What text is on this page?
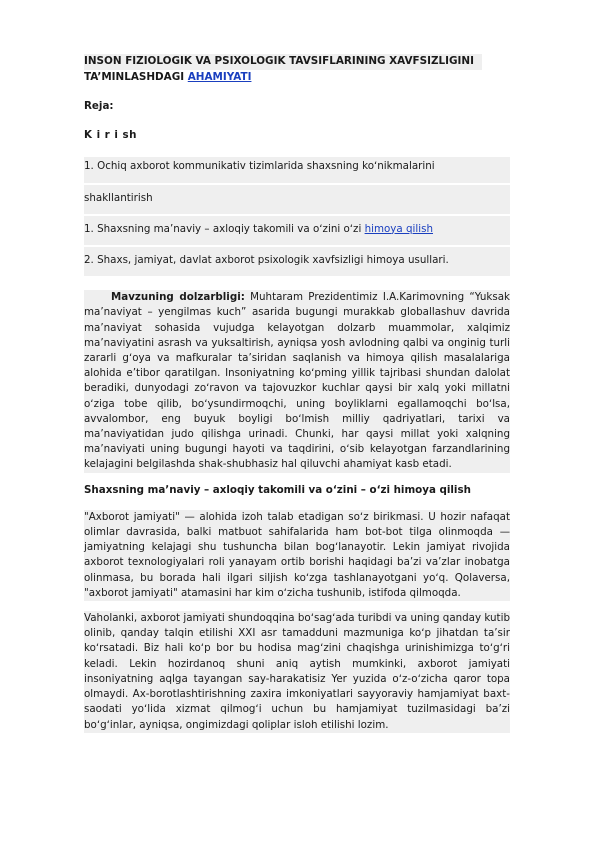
INSON FIZIOLOGIK VA PSIXOLOGIK TAVSIFLARINING XAVFSIZLIGINI
TA’MINLASHDAGI AHAMIYATI
Reja:
K i r i sh
1. Ochiq axborot kommunikativ tizimlarida shaxsning koʻnikmalarini
shakllantirish
1. Shaxsning maʼnaviy – axloqiy takomili va oʻzini oʻzi himoya qilish
2. Shaxs, jamiyat, davlat axborot psixologik xavfsizligi himoya usullari.

Mavzuning dolzarbligi: Muhtaram Prezidentimiz I.A.Karimovning “Yuksak maʼnaviyat – yengilmas kuch” asarida bugungi murakkab globallashuv davrida maʼnaviyat sohasida vujudga kelayotgan dolzarb muammolar, xalqimiz maʼnaviyatini asrash va yuksaltirish, ayniqsa yosh avlodning qalbi va onginig turli zararli gʻoya va mafkuralar taʼsiridan saqlanish va himoya qilish masalalariga alohida eʼtibor qaratilgan. Insoniyatning koʻpming yillik tajribasi shundan dalolat beradiki, dunyodagi zoʻravon va tajovuzkor kuchlar qaysi bir xalq yoki millatni oʻziga tobe qilib, boʻysundirmoqchi, uning boyliklarni egallamoqchi boʻlsa, avvalombor, eng buyuk boyligi boʻlmish milliy qadriyatlari, tarixi va maʼnaviyatidan judo qilishga urinadi. Chunki, har qaysi millat yoki xalqning maʼnaviyati uning bugungi hayoti va taqdirini, oʻsib kelayotgan farzandlarining kelajagini belgilashda shak-shubhasiz hal qiluvchi ahamiyat kasb etadi.

Shaxsning maʼnaviy – axloqiy takomili va oʻzini – oʻzi himoya qilish

"Axborot jamiyati" — alohida izoh talab etadigan soʻz birikmasi. U hozir nafaqat olimlar davrasida, balki matbuot sahifalarida ham bot-bot tilga olinmoqda — jamiyatning kelajagi shu tushuncha bilan bogʻlanayotir. Lekin jamiyat rivojida axborot texnologiyalari roli yanayam ortib borishi haqidagi baʼzi vaʼzlar inobatga olinmasa, bu borada hali ilgari siljish koʻzga tashlanayotgani yoʻq. Qolaversa, "axborot jamiyati" atamasini har kim oʻzicha tushunib, istifoda qilmoqda.

Vaholanki, axborot jamiyati shundoqqina boʻsagʻada turibdi va uning qanday kutib olinib, qanday talqin etilishi XXI asr tamadduni mazmuniga koʻp jihatdan taʼsir koʻrsatadi. Biz hali koʻp bor bu hodisa magʻzini chaqishga urinishimizga toʻgʻri keladi. Lekin hozirdanoq shuni aniq aytish mumkinki, axborot jamiyati insoniyatning aqlga tayangan say-harakatisiz Yer yuzida oʻz-oʻzicha qaror topa olmaydi. Ax-borotlashtirishning zaxira imkoniyatlari sayyoraviy hamjamiyat baxt-saodati yoʻlida xizmat qilmogʻi uchun bu hamjamiyat tuzilmasidagi baʼzi boʻgʻinlar, ayniqsa, ongimizdagi qoliplar isloh etilishi lozim.
